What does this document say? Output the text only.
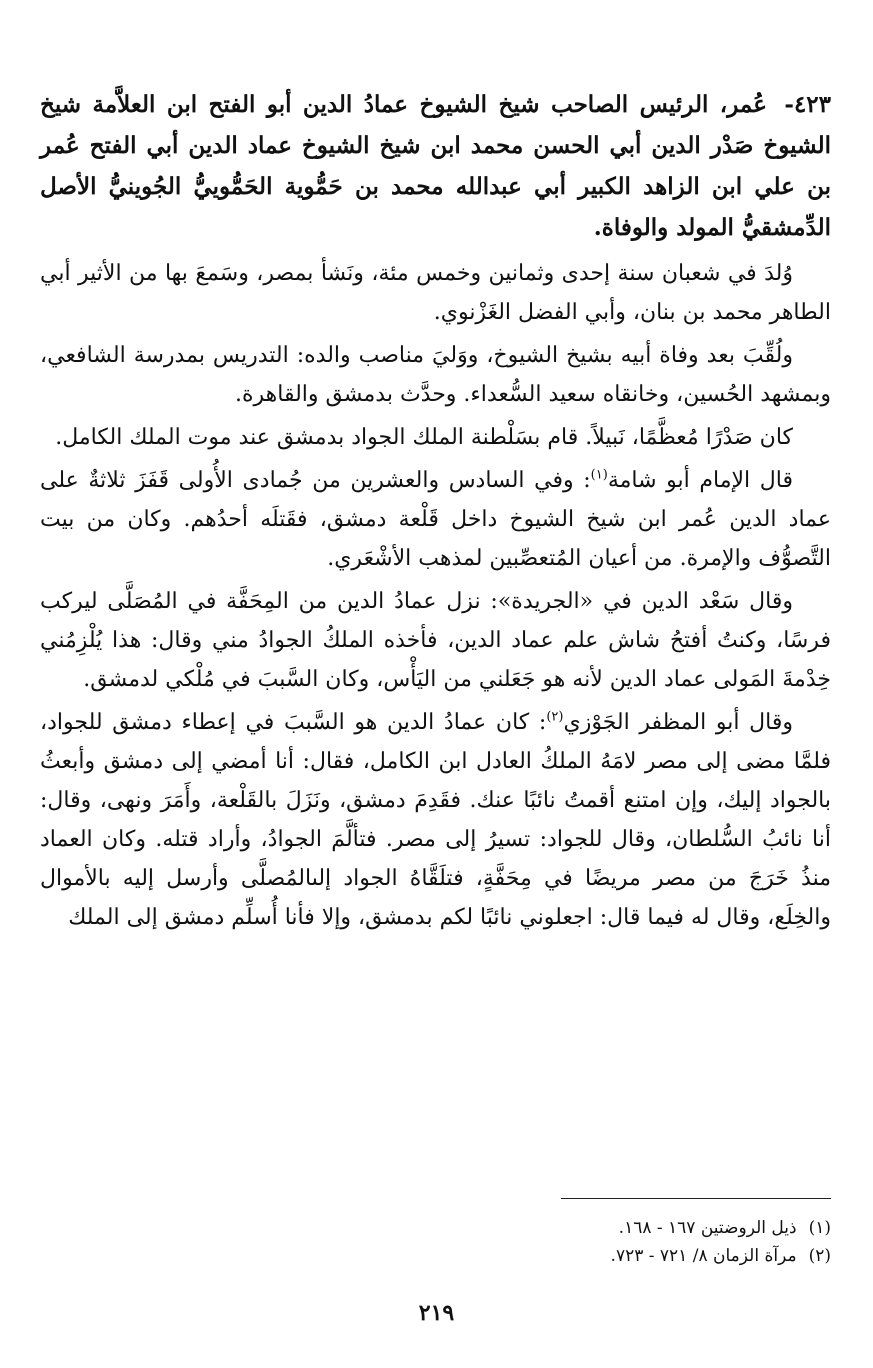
٤٢٣- عُمر، الرئيس الصاحب شيخ الشيوخ عمادُ الدين أبو الفتح ابن العلاَّمة شيخ الشيوخ صَدْر الدين أبي الحسن محمد ابن شيخ الشيوخ عماد الدين أبي الفتح عُمر بن علي ابن الزاهد الكبير أبي عبدالله محمد بن حَمُّوية الحَمُّوييُّ الجُوينيُّ الأصل الدِّمشقيُّ المولد والوفاة.

وُلدَ في شعبان سنة إحدى وثمانين وخمس مئة، ونَشأ بمصر، وسَمعَ بها من الأثير أبي الطاهر محمد بن بنان، وأبي الفضل الغَزْنوي.

ولُقِّبَ بعد وفاة أبيه بشيخ الشيوخ، ووَليَ مناصب والده: التدريس بمدرسة الشافعي، وبمشهد الحُسين، وخانقاه سعيد السُّعداء. وحدَّث بدمشق والقاهرة.

كان صَدْرًا مُعظَّمًا، نَبيلاً. قام بسَلْطنة الملك الجواد بدمشق عند موت الملك الكامل.

قال الإمام أبو شامة$^{(١)}$: وفي السادس والعشرين من جُمادى الأُولى قَفَزَ ثلاثةٌ على عماد الدين عُمر ابن شيخ الشيوخ داخل قَلْعة دمشق، فقَتلَه أحدُهم. وكان من بيت التَّصوُّف والإمرة. من أعيان المُتعصِّبين لمذهب الأشْعَري.

وقال سَعْد الدين في «الجريدة»: نزل عمادُ الدين من المِحَفَّة في المُصَلَّى ليركب فرسًا، وكنتُ أفتحُ شاش علم عماد الدين، فأخذه الملكُ الجوادُ مني وقال: هذا يُلْزِمُني خِدْمةَ المَولى عماد الدين لأنه هو جَعَلني من اليَأْس، وكان السَّببَ في مُلْكي لدمشق.

وقال أبو المظفر الجَوْزي$^{(٢)}$: كان عمادُ الدين هو السَّببَ في إعطاء دمشق للجواد، فلمَّا مضى إلى مصر لامَهُ الملكُ العادل ابن الكامل، فقال: أنا أمضي إلى دمشق وأبعثُ بالجواد إليك، وإن امتنع أقمتُ نائبًا عنك. فقَدِمَ دمشق، ونَزَلَ بالقَلْعة، وأَمَرَ ونهى، وقال: أنا نائبُ السُّلطان، وقال للجواد: تسيرُ إلى مصر. فتألَّمَ الجوادُ، وأراد قتله. وكان العماد منذُ خَرَجَ من مصر مريضًا في مِحَفَّةٍ، فتلَقَّاهُ الجواد إلىالمُصلَّى وأرسل إليه بالأموال والخِلَع، وقال له فيما قال: اجعلوني نائبًا لكم بدمشق، وإلا فأنا أُسلِّم دمشق إلى الملك

(١)ذيل الروضتين ١٦٧ - ١٦٨.

(٢)مرآة الزمان ٨/ ٧٢١ - ٧٢٣.

٢١٩
